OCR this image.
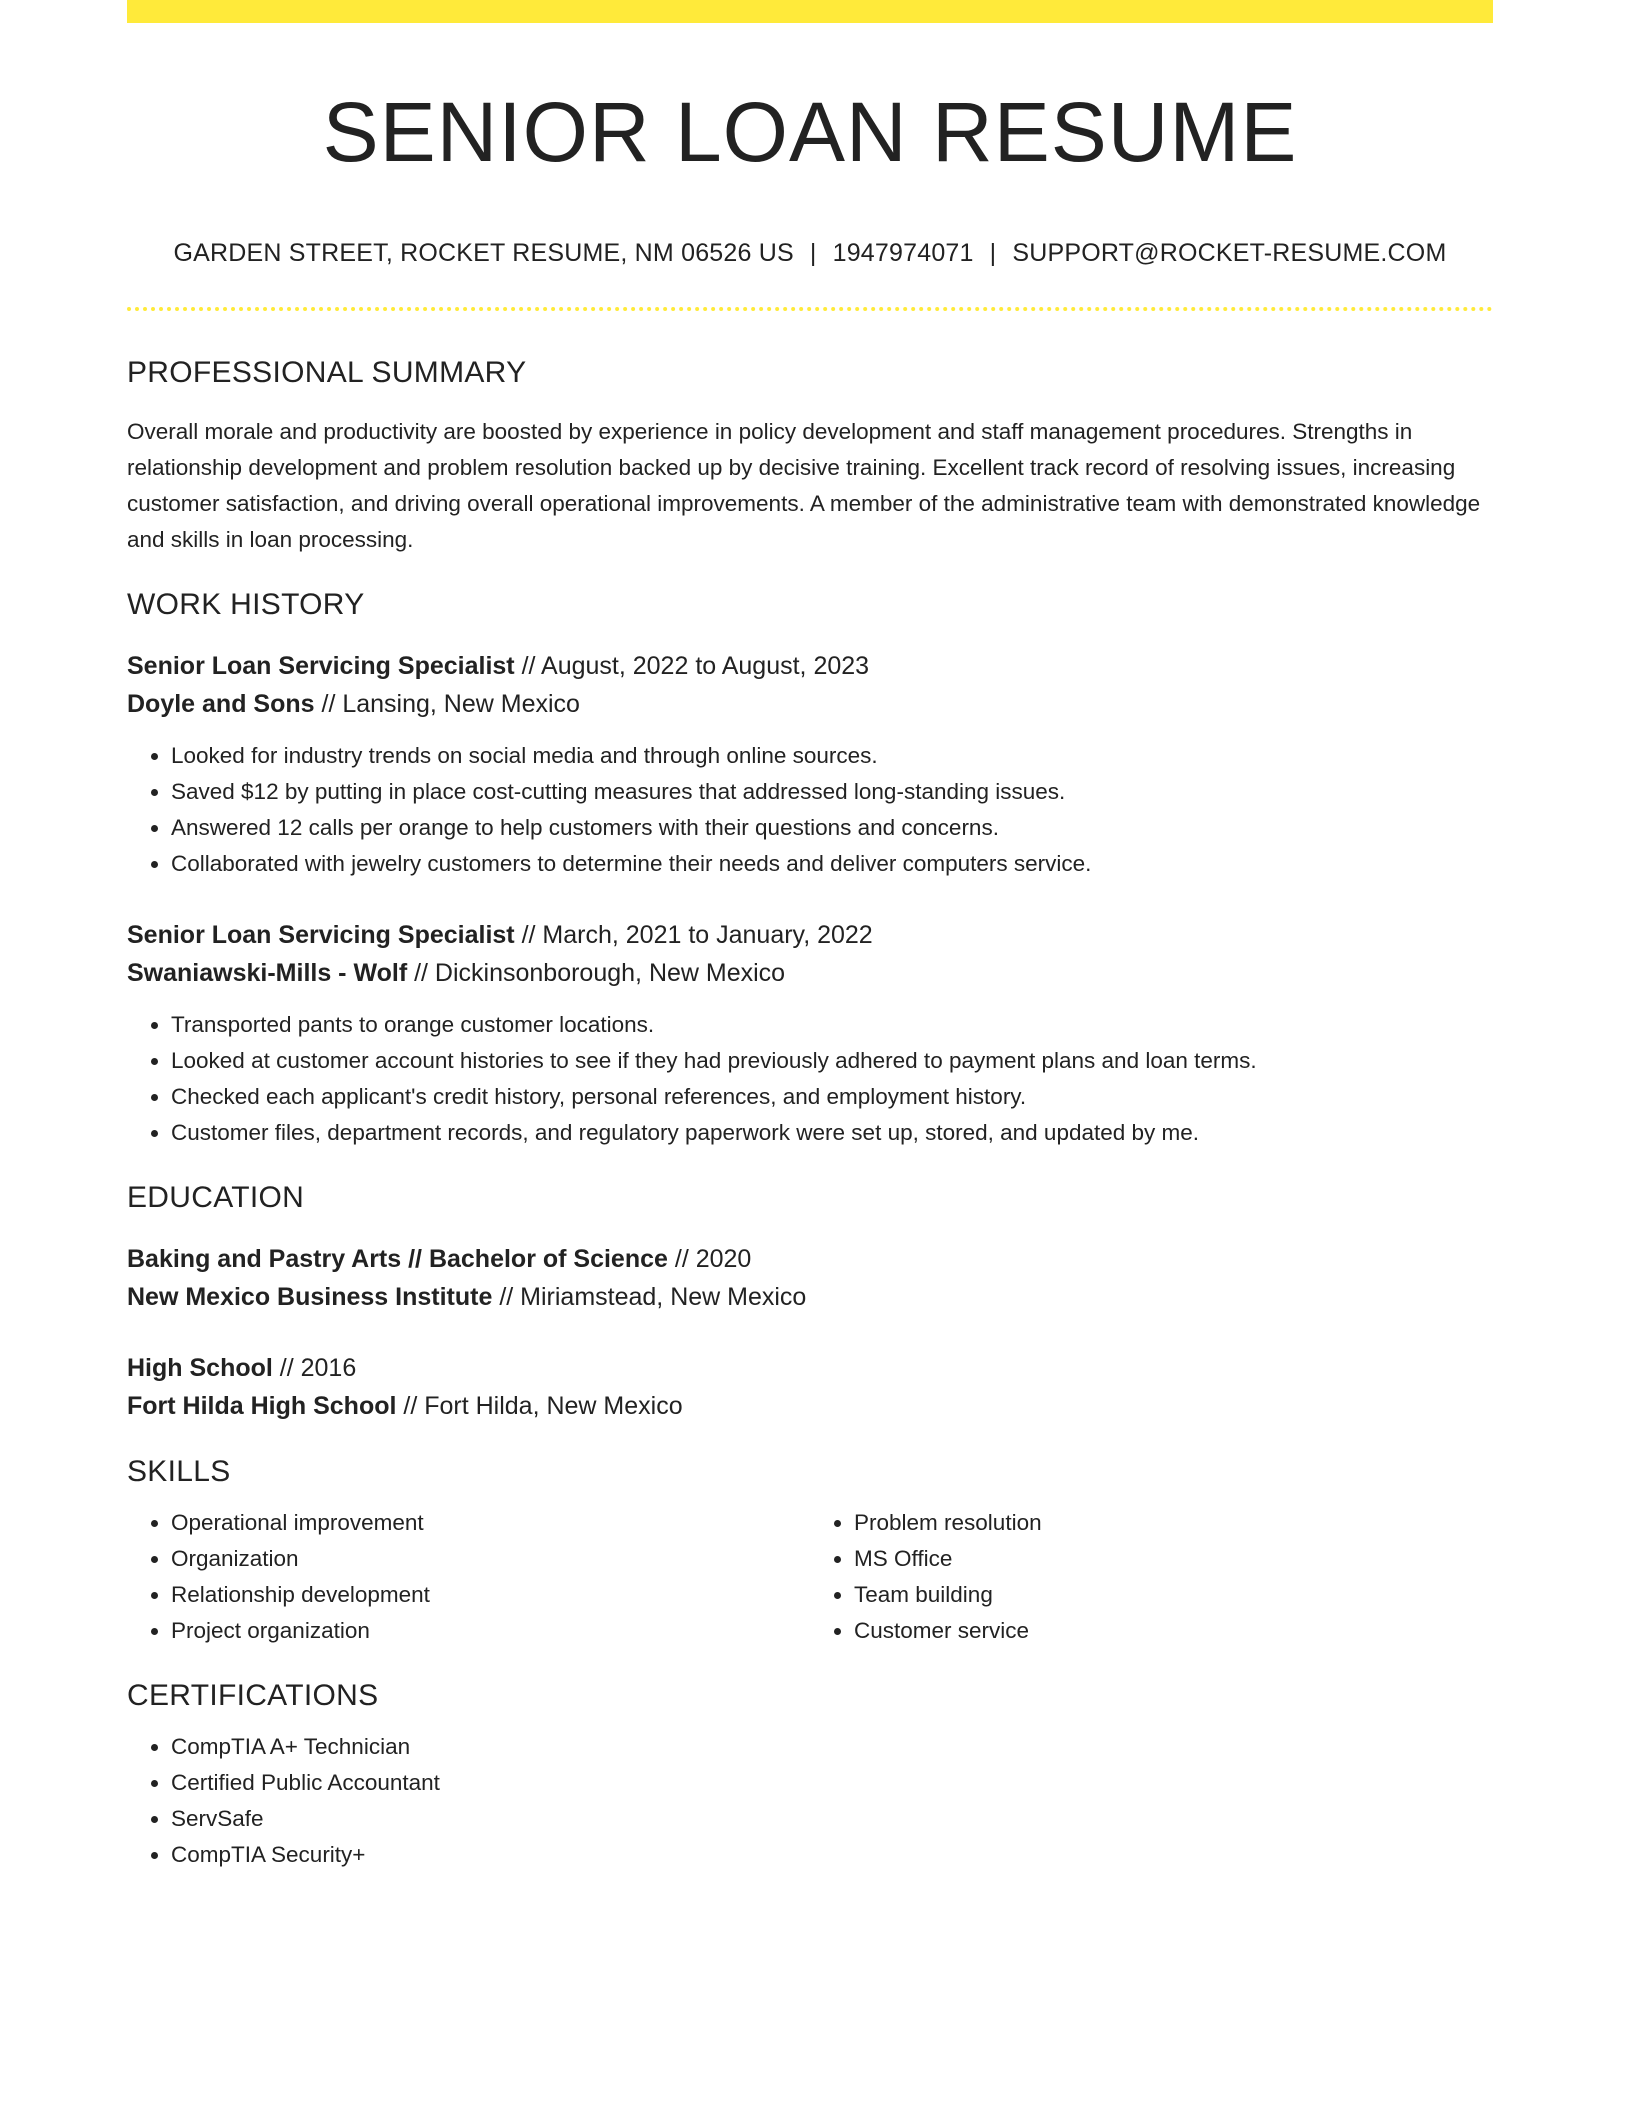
SENIOR LOAN RESUME
GARDEN STREET, ROCKET RESUME, NM 06526 US | 1947974071 | SUPPORT@ROCKET-RESUME.COM
PROFESSIONAL SUMMARY
Overall morale and productivity are boosted by experience in policy development and staff management procedures. Strengths in relationship development and problem resolution backed up by decisive training. Excellent track record of resolving issues, increasing customer satisfaction, and driving overall operational improvements. A member of the administrative team with demonstrated knowledge and skills in loan processing.
WORK HISTORY
Senior Loan Servicing Specialist // August, 2022 to August, 2023
Doyle and Sons // Lansing, New Mexico
• Looked for industry trends on social media and through online sources.
• Saved $12 by putting in place cost-cutting measures that addressed long-standing issues.
• Answered 12 calls per orange to help customers with their questions and concerns.
• Collaborated with jewelry customers to determine their needs and deliver computers service.
Senior Loan Servicing Specialist // March, 2021 to January, 2022
Swaniawski-Mills - Wolf // Dickinsonborough, New Mexico
• Transported pants to orange customer locations.
• Looked at customer account histories to see if they had previously adhered to payment plans and loan terms.
• Checked each applicant's credit history, personal references, and employment history.
• Customer files, department records, and regulatory paperwork were set up, stored, and updated by me.
EDUCATION
Baking and Pastry Arts // Bachelor of Science // 2020
New Mexico Business Institute // Miriamstead, New Mexico
High School // 2016
Fort Hilda High School // Fort Hilda, New Mexico
SKILLS
• Operational improvement
• Organization
• Relationship development
• Project organization
• Problem resolution
• MS Office
• Team building
• Customer service
CERTIFICATIONS
• CompTIA A+ Technician
• Certified Public Accountant
• ServSafe
• CompTIA Security+
